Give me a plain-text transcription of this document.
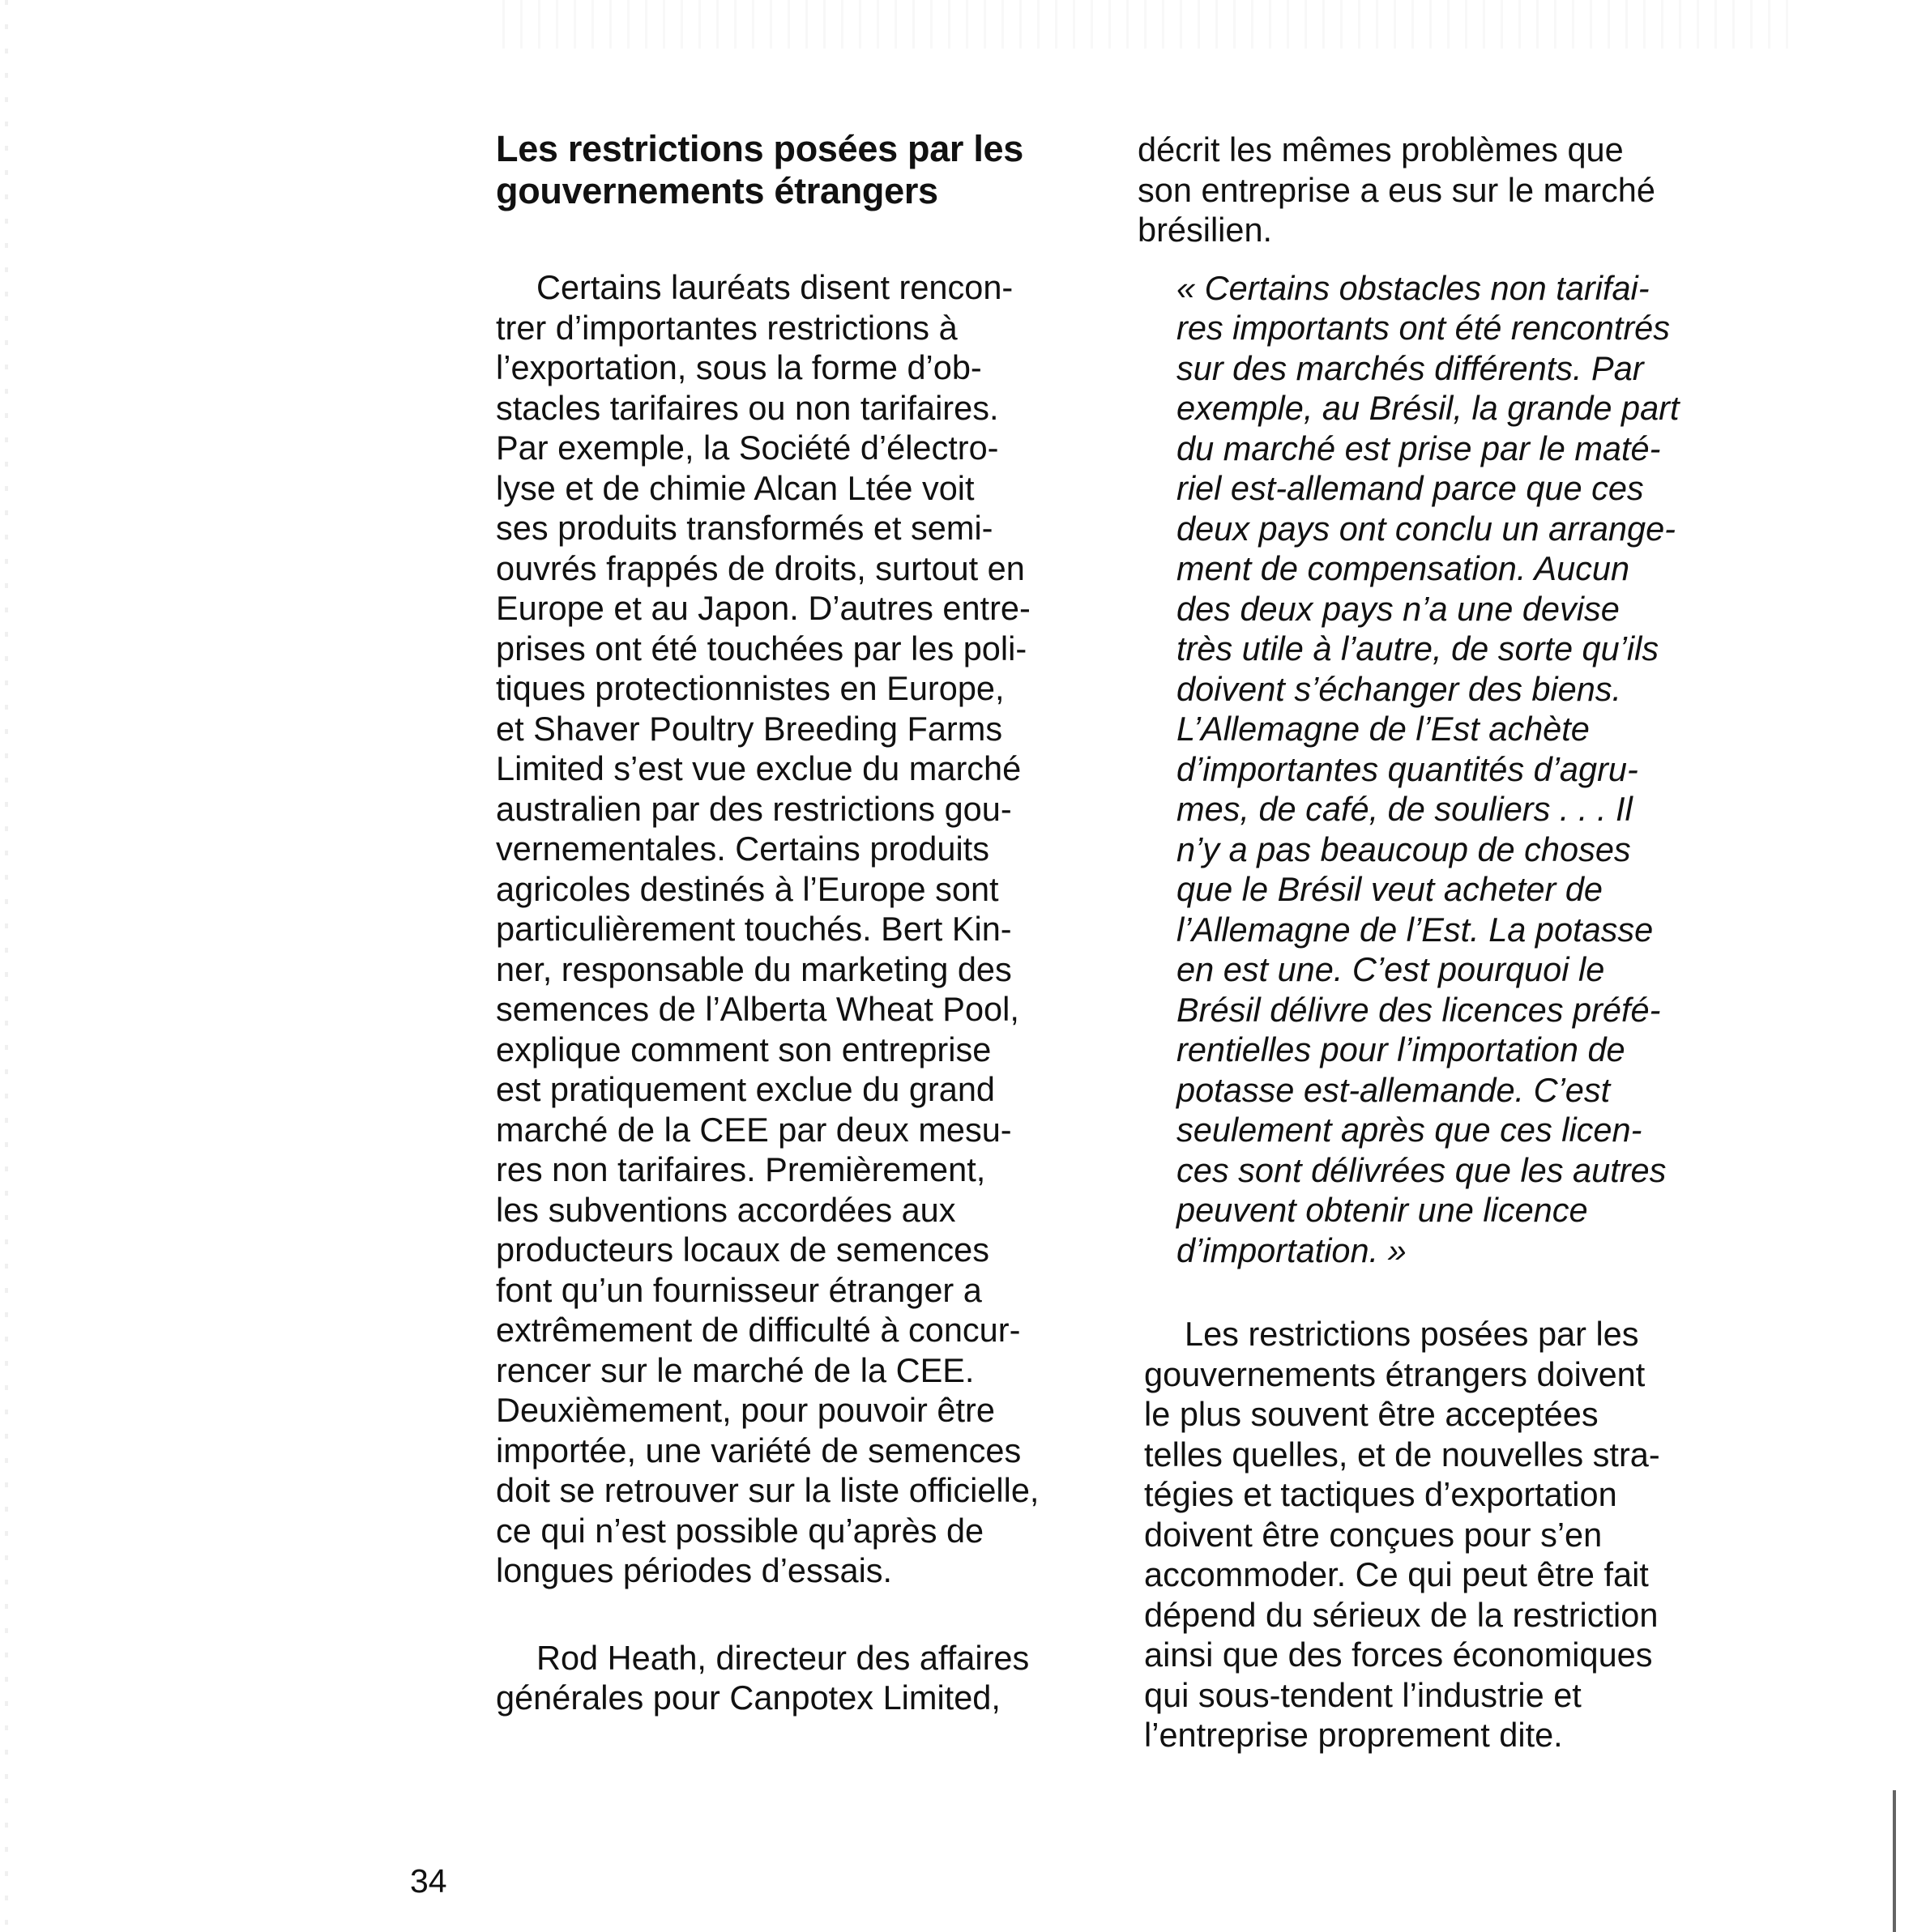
Les restrictions posées par les
gouvernements étrangers

Certains lauréats disent rencon-
trer d’importantes restrictions à
l’exportation, sous la forme d’ob-
stacles tarifaires ou non tarifaires.
Par exemple, la Société d’électro-
lyse et de chimie Alcan Ltée voit
ses produits transformés et semi-
ouvrés frappés de droits, surtout en
Europe et au Japon. D’autres entre-
prises ont été touchées par les poli-
tiques protectionnistes en Europe,
et Shaver Poultry Breeding Farms
Limited s’est vue exclue du marché
australien par des restrictions gou-
vernementales. Certains produits
agricoles destinés à l’Europe sont
particulièrement touchés. Bert Kin-
ner, responsable du marketing des
semences de l’Alberta Wheat Pool,
explique comment son entreprise
est pratiquement exclue du grand
marché de la CEE par deux mesu-
res non tarifaires. Premièrement,
les subventions accordées aux
producteurs locaux de semences
font qu’un fournisseur étranger a
extrêmement de difficulté à concur-
rencer sur le marché de la CEE.
Deuxièmement, pour pouvoir être
importée, une variété de semences
doit se retrouver sur la liste officielle,
ce qui n’est possible qu’après de
longues périodes d’essais.

Rod Heath, directeur des affaires
générales pour Canpotex Limited,

décrit les mêmes problèmes que
son entreprise a eus sur le marché
brésilien.

« Certains obstacles non tarifai-
res importants ont été rencontrés
sur des marchés différents. Par
exemple, au Brésil, la grande part
du marché est prise par le maté-
riel est-allemand parce que ces
deux pays ont conclu un arrange-
ment de compensation. Aucun
des deux pays n’a une devise
très utile à l’autre, de sorte qu’ils
doivent s’échanger des biens.
L’Allemagne de l’Est achète
d’importantes quantités d’agru-
mes, de café, de souliers . . . Il
n’y a pas beaucoup de choses
que le Brésil veut acheter de
l’Allemagne de l’Est. La potasse
en est une. C’est pourquoi le
Brésil délivre des licences préfé-
rentielles pour l’importation de
potasse est-allemande. C’est
seulement après que ces licen-
ces sont délivrées que les autres
peuvent obtenir une licence
d’importation. »

Les restrictions posées par les
gouvernements étrangers doivent
le plus souvent être acceptées
telles quelles, et de nouvelles stra-
tégies et tactiques d’exportation
doivent être conçues pour s’en
accommoder. Ce qui peut être fait
dépend du sérieux de la restriction
ainsi que des forces économiques
qui sous-tendent l’industrie et
l’entreprise proprement dite.

34
